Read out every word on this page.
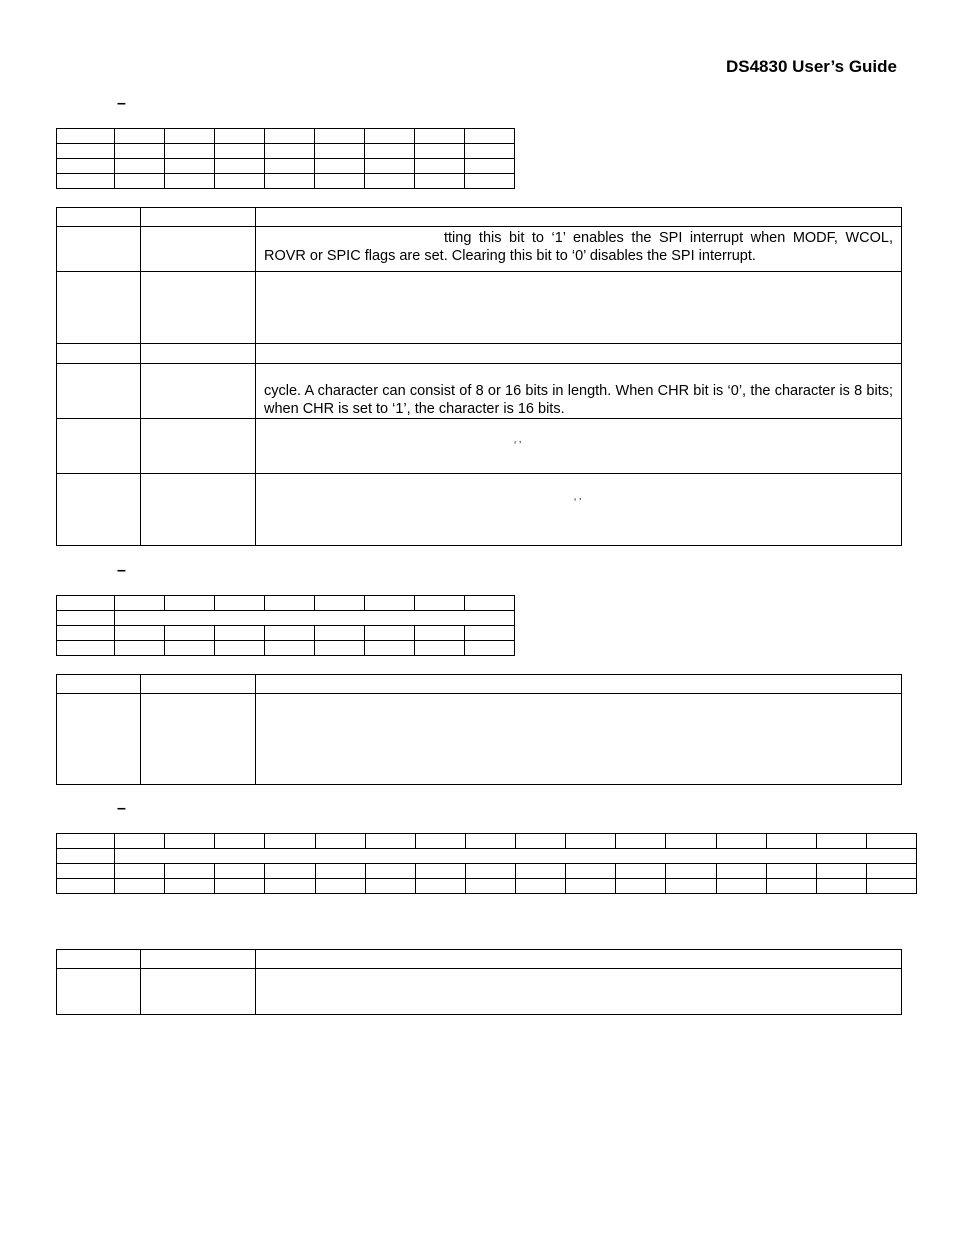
DS4830 User’s Guide
–

		tting this bit to ‘1’ enables the SPI interrupt when MODF, WCOL, ROVR or SPIC flags are set. Clearing this bit to ‘0’ disables the SPI interrupt.

		cycle. A character can consist of 8 or 16 bits in length. When CHR bit is ‘0’, the character is 8 bits; when CHR is set to ‘1’, the character is 16 bits.

		‘ ’

		‘ ’
–

–
